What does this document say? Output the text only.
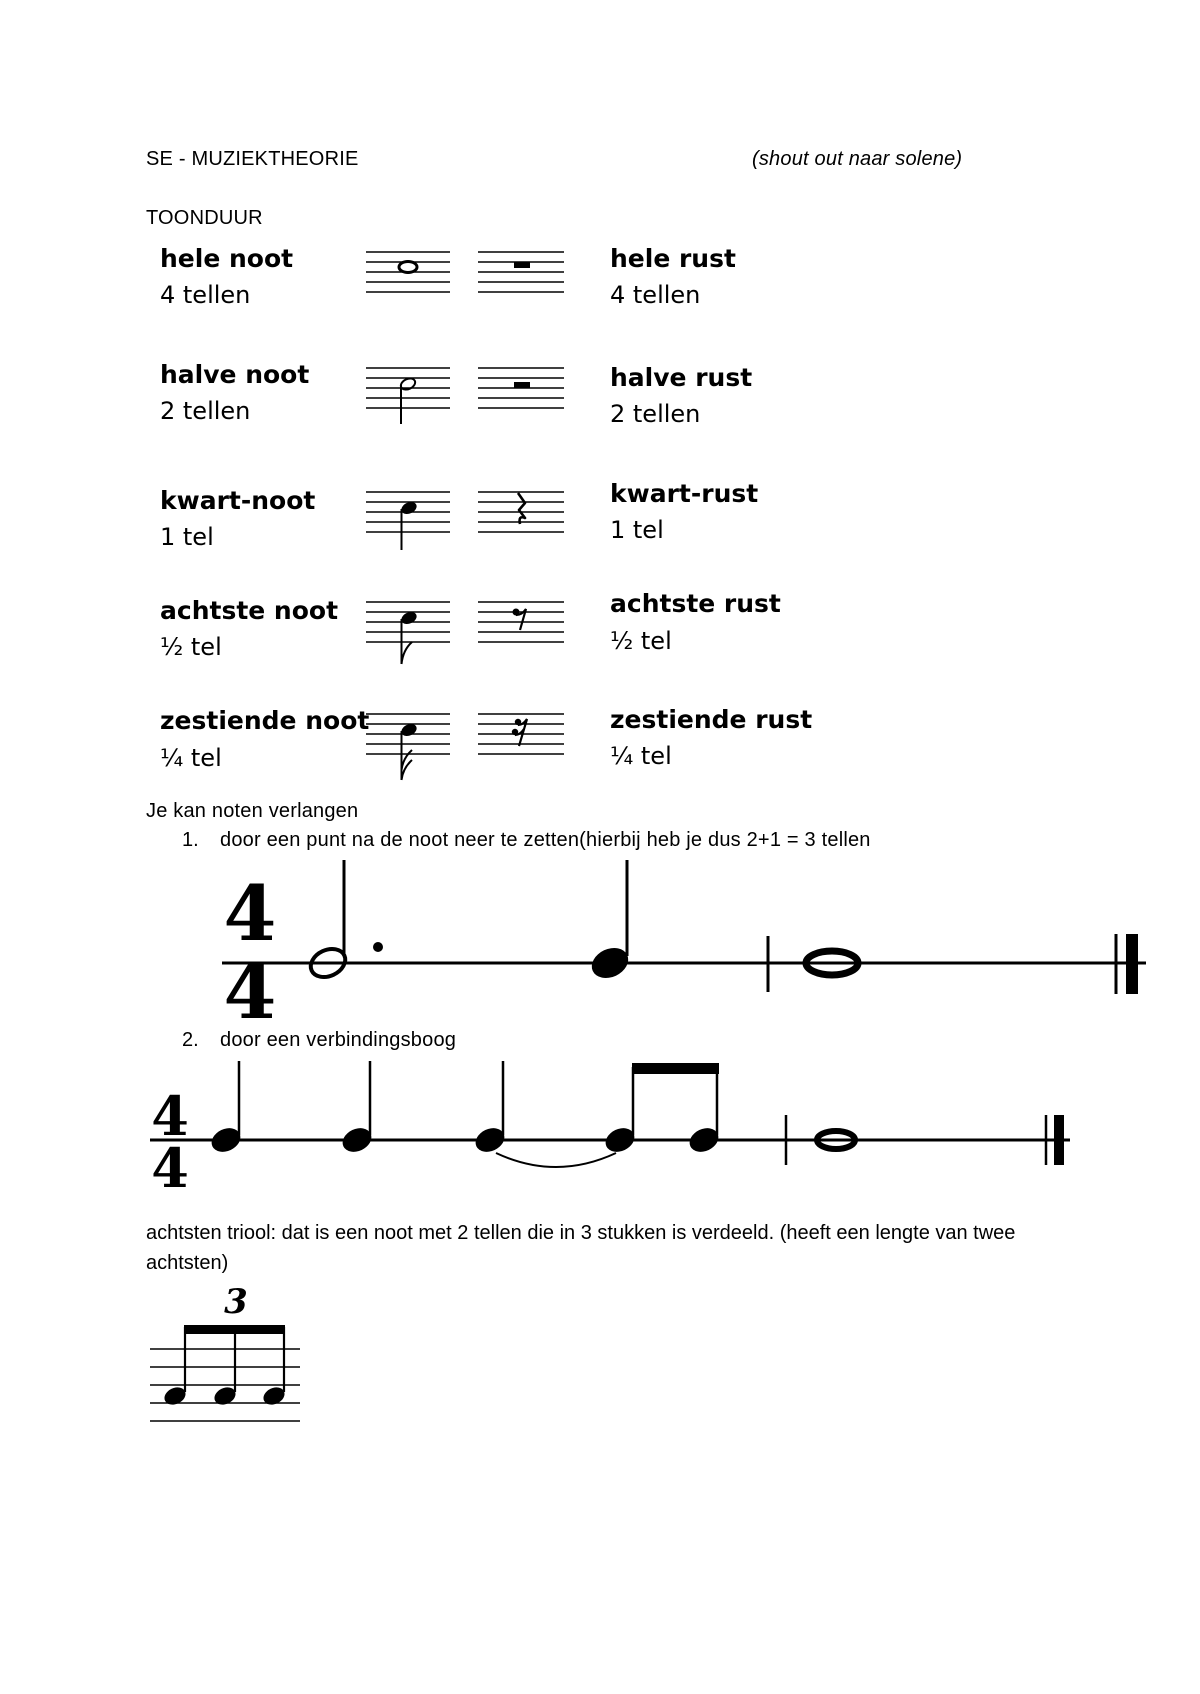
SE - MUZIEKTHEORIE	(shout out naar solene)
TOONDUUR
hele noot
4 tellen
hele rust
4 tellen
halve noot
2 tellen
halve rust
2 tellen
kwart-noot
1 tel
kwart-rust
1 tel
achtste noot
½ tel
achtste rust
½ tel
zestiende noot
¼ tel
zestiende rust
¼ tel
Je kan noten verlangen
1. door een punt na de noot neer te zetten(hierbij heb je dus 2+1 = 3 tellen
4
4
2. door een verbindingsboog
4
4
achtsten triool: dat is een noot met 2 tellen die in 3 stukken is verdeeld. (heeft een lengte van twee achtsten)
3
